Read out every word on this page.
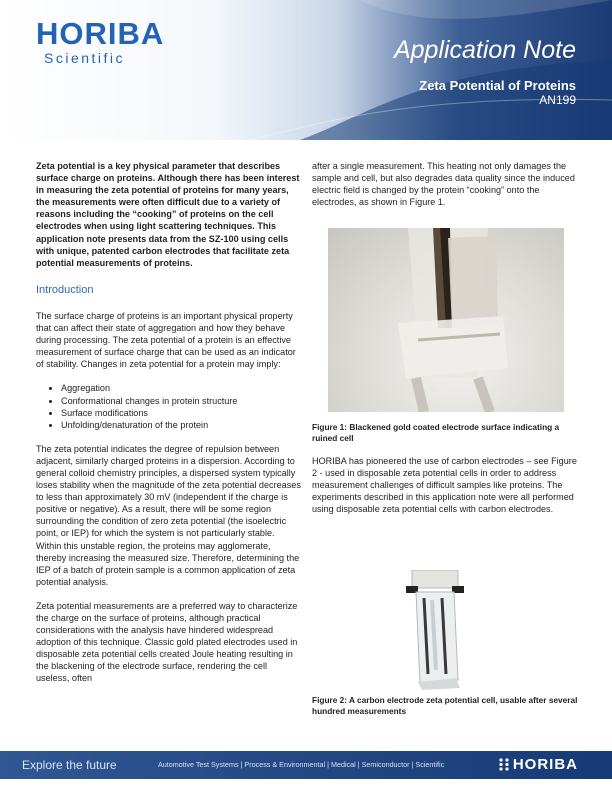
HORIBA
Scientific	Application Note
Zeta Potential of Proteins
AN199

Zeta potential is a key physical parameter that describes surface charge on proteins. Although there has been interest in measuring the zeta potential of proteins for many years, the measurements were often difficult due to a variety of reasons including the “cooking” of proteins on the cell electrodes when using light scattering techniques. This application note presents data from the SZ-100 using cells with unique, patented carbon electrodes that facilitate zeta potential measurements of proteins.

Introduction

The surface charge of proteins is an important physical property that can affect their state of aggregation and how they behave during processing. The zeta potential of a protein is an effective measurement of surface charge that can be used as an indicator of stability. Changes in zeta potential for a protein may imply:

• Aggregation
• Conformational changes in protein structure
• Surface modifications
• Unfolding/denaturation of the protein

The zeta potential indicates the degree of repulsion between adjacent, similarly charged proteins in a dispersion. According to general colloid chemistry principles, a dispersed system typically loses stability when the magnitude of the zeta potential decreases to less than approximately 30 mV (independent if the charge is positive or negative). As a result, there will be some region surrounding the condition of zero zeta potential (the isoelectric point, or IEP) for which the system is not particularly stable. Within this unstable region, the proteins may agglomerate, thereby increasing the measured size. Therefore, determining the IEP of a batch of protein sample is a common application of zeta potential analysis.

Zeta potential measurements are a preferred way to characterize the charge on the surface of proteins, although practical considerations with the analysis have hindered widespread adoption of this technique. Classic gold plated electrodes used in disposable zeta potential cells created Joule heating resulting in the blackening of the electrode surface, rendering the cell useless, often

after a single measurement. This heating not only damages the sample and cell, but also degrades data quality since the induced electric field is changed by the protein “cooking” onto the electrodes, as shown in Figure 1.

Figure 1: Blackened gold coated electrode surface indicating a ruined cell

HORIBA has pioneered the use of carbon electrodes – see Figure 2 - used in disposable zeta potential cells in order to address measurement challenges of difficult samples like proteins. The experiments described in this application note were all performed using disposable zeta potential cells with carbon electrodes.

Figure 2: A carbon electrode zeta potential cell, usable after several hundred measurements
Explore the future	Automotive Test Systems | Process & Environmental | Medical | Semiconductor | Scientific	HORIBA
